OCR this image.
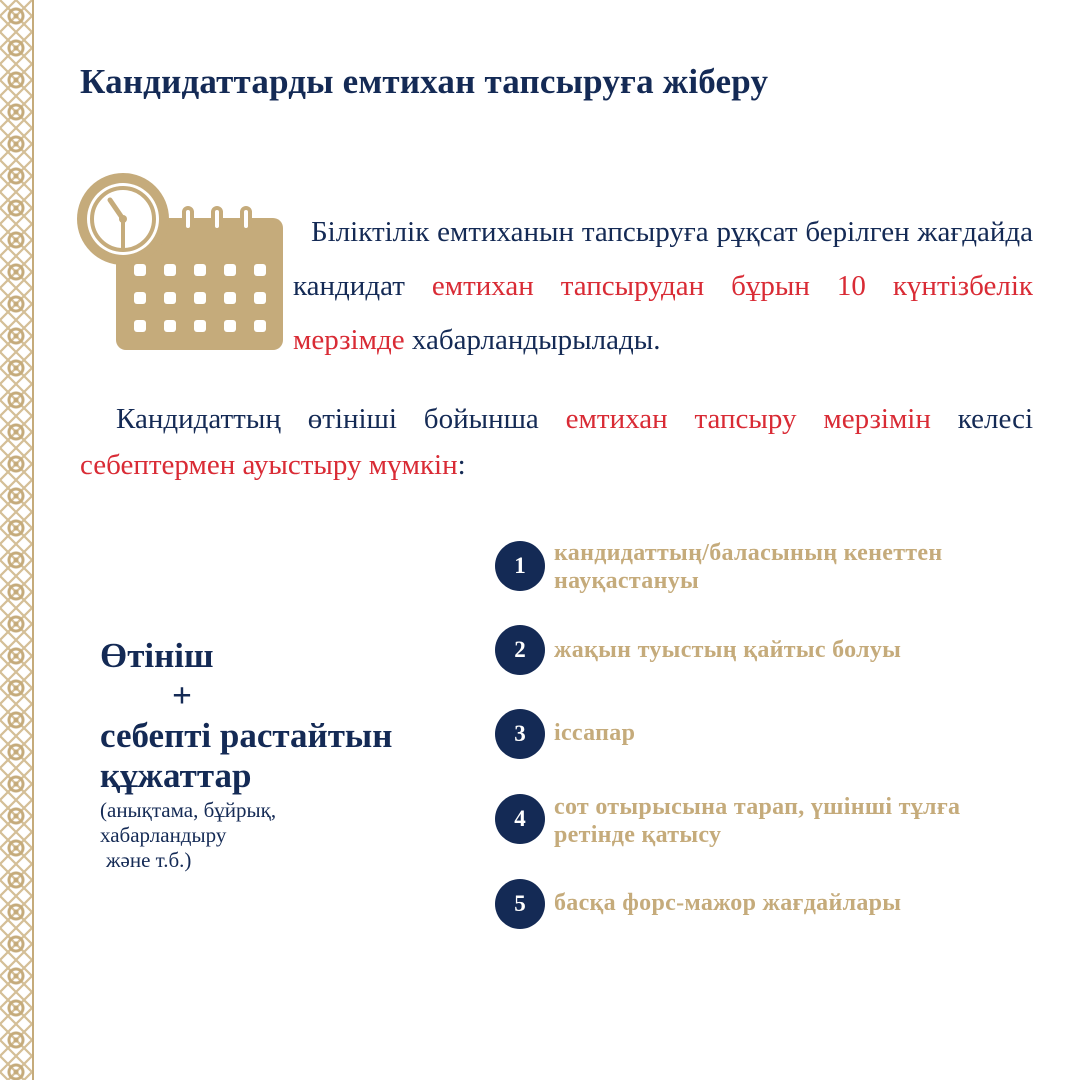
Кандидаттарды емтихан тапсыруға жіберу

Біліктілік емтиханын тапсыруға рұқсат берілген жағдайда кандидат емтихан тапсырудан бұрын 10 күнтізбелік мерзімде хабарландырылады.

Кандидаттың өтініші бойынша емтихан тапсыру мерзімін келесі себептермен ауыстыру мүмкін:

Өтініш
+
себепті растайтын
құжаттар
(анықтама, бұйрық,
хабарландыру
және т.б.)
1	кандидаттың/баласының кенеттен
науқастануы
2	жақын туыстың қайтыс болуы
3	іссапар
4	сот отырысына тарап, үшінші тұлға
ретінде қатысу
5	басқа форс-мажор жағдайлары
